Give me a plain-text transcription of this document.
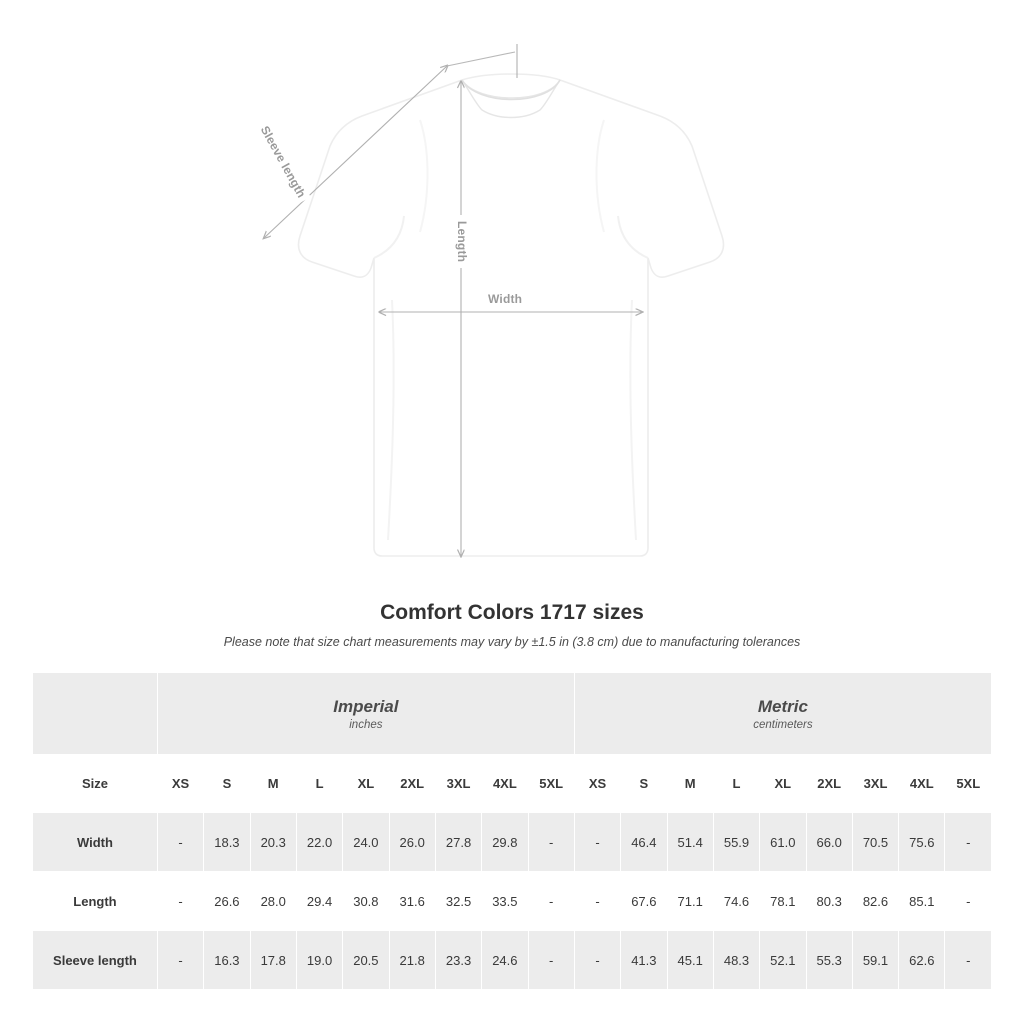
Width
Length
Sleeve length
Comfort Colors 1717 sizes
Please note that size chart measurements may vary by ±1.5 in (3.8 cm) due to manufacturing tolerances

	Imperial
inches									Metric
centimeters								

Size	XS	S	M	L	XL	2XL	3XL	4XL	5XL	XS	S	M	L	XL	2XL	3XL	4XL	5XL
Width	-	18.3	20.3	22.0	24.0	26.0	27.8	29.8	-	-	46.4	51.4	55.9	61.0	66.0	70.5	75.6	-
Length	-	26.6	28.0	29.4	30.8	31.6	32.5	33.5	-	-	67.6	71.1	74.6	78.1	80.3	82.6	85.1	-
Sleeve length	-	16.3	17.8	19.0	20.5	21.8	23.3	24.6	-	-	41.3	45.1	48.3	52.1	55.3	59.1	62.6	-
